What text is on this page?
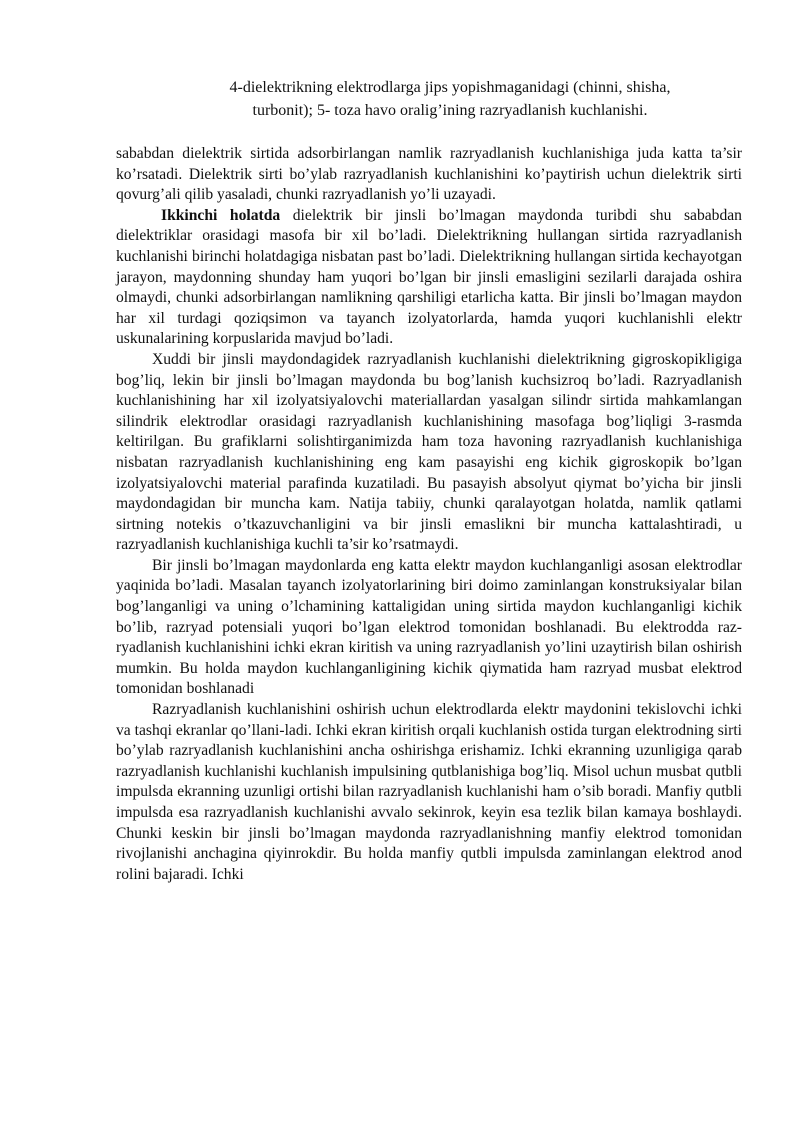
4-dielektrikning elektrodlarga jips yopishmaganidagi (chinni, shisha,
turbonit); 5- toza havo oralig’ining razryadlanish kuchlanishi.

sababdan dielektrik sirtida adsorbirlangan namlik razryadlanish kuchlanishiga juda katta ta’sir ko’rsatadi. Dielektrik sirti bo’ylab razryadlanish kuchlanishini ko’paytirish uchun dielektrik sirti qovurg’ali qilib yasaladi, chunki razryadlanish yo’li uzayadi.

Ikkinchi holatda dielektrik bir jinsli bo’lmagan maydonda turibdi shu sababdan dielektriklar orasidagi masofa bir xil bo’ladi. Dielektrikning hullangan sirtida razryadlanish kuchlanishi birinchi holatdagiga nisbatan past bo’ladi. Dielektrikning hullangan sirtida kechayotgan jarayon, maydonning shunday ham yuqori bo’lgan bir jinsli emasligini sezilarli darajada oshira olmaydi, chunki adsorbirlangan namlikning qarshiligi etarlicha katta. Bir jinsli bo’lmagan maydon har xil turdagi qoziqsimon va tayanch izolyatorlarda, hamda yuqori kuchlanishli elektr uskunalarining korpuslarida mavjud bo’ladi.

Xuddi bir jinsli maydondagidek razryadlanish kuchlanishi dielektrikning gigroskopikligiga bog’liq, lekin bir jinsli bo’lmagan maydonda bu bog’lanish kuchsizroq bo’ladi. Razryadlanish kuchlanishining har xil izolyatsiyalovchi materiallardan yasalgan silindr sirtida mahkamlangan silindrik elektrodlar orasidagi razryadlanish kuchlanishining masofaga bog’liqligi 3-rasmda keltirilgan. Bu grafiklarni solishtirganimizda ham toza havoning razryadlanish kuchlanishiga nisbatan razryadlanish kuchlanishining eng kam pasayishi eng kichik gigroskopik bo’lgan izolyatsiyalovchi material parafinda kuzatiladi. Bu pasayish absolyut qiymat bo’yicha bir jinsli maydondagidan bir muncha kam. Natija tabiiy, chunki qaralayotgan holatda, namlik qatlami sirtning notekis o’tkazuvchanligini va bir jinsli emaslikni bir muncha kattalashtiradi, u razryadlanish kuchlanishiga kuchli ta’sir ko’rsatmaydi.

Bir jinsli bo’lmagan maydonlarda eng katta elektr maydon kuchlanganligi asosan elektrodlar yaqinida bo’ladi. Masalan tayanch izolyatorlarining biri doimo zaminlangan konstruksiyalar bilan bog’langanligi va uning o’lchamining kattaligidan uning sirtida maydon kuchlanganligi kichik bo’lib, razryad potensiali yuqori bo’lgan elektrod tomonidan boshlanadi. Bu elektrodda raz-ryadlanish kuchlanishini ichki ekran kiritish va uning razryadlanish yo’lini uzaytirish bilan oshirish mumkin. Bu holda maydon kuchlanganligining kichik qiymatida ham razryad musbat elektrod tomonidan boshlanadi

Razryadlanish kuchlanishini oshirish uchun elektrodlarda elektr maydonini tekislovchi ichki va tashqi ekranlar qo’llani-ladi. Ichki ekran kiritish orqali kuchlanish ostida turgan elektrodning sirti bo’ylab razryadlanish kuchlanishini ancha oshirishga erishamiz. Ichki ekranning uzunligiga qarab razryadlanish kuchlanishi kuchlanish impulsining qutblanishiga bog’liq. Misol uchun musbat qutbli impulsda ekranning uzunligi ortishi bilan razryadlanish kuchlanishi ham o’sib boradi. Manfiy qutbli impulsda esa razryadlanish kuchlanishi avvalo sekinrok, keyin esa tezlik bilan kamaya boshlaydi. Chunki keskin bir jinsli bo’lmagan maydonda razryadlanishning manfiy elektrod tomonidan rivojlanishi anchagina qiyinrokdir. Bu holda manfiy qutbli impulsda zaminlangan elektrod anod rolini bajaradi. Ichki
